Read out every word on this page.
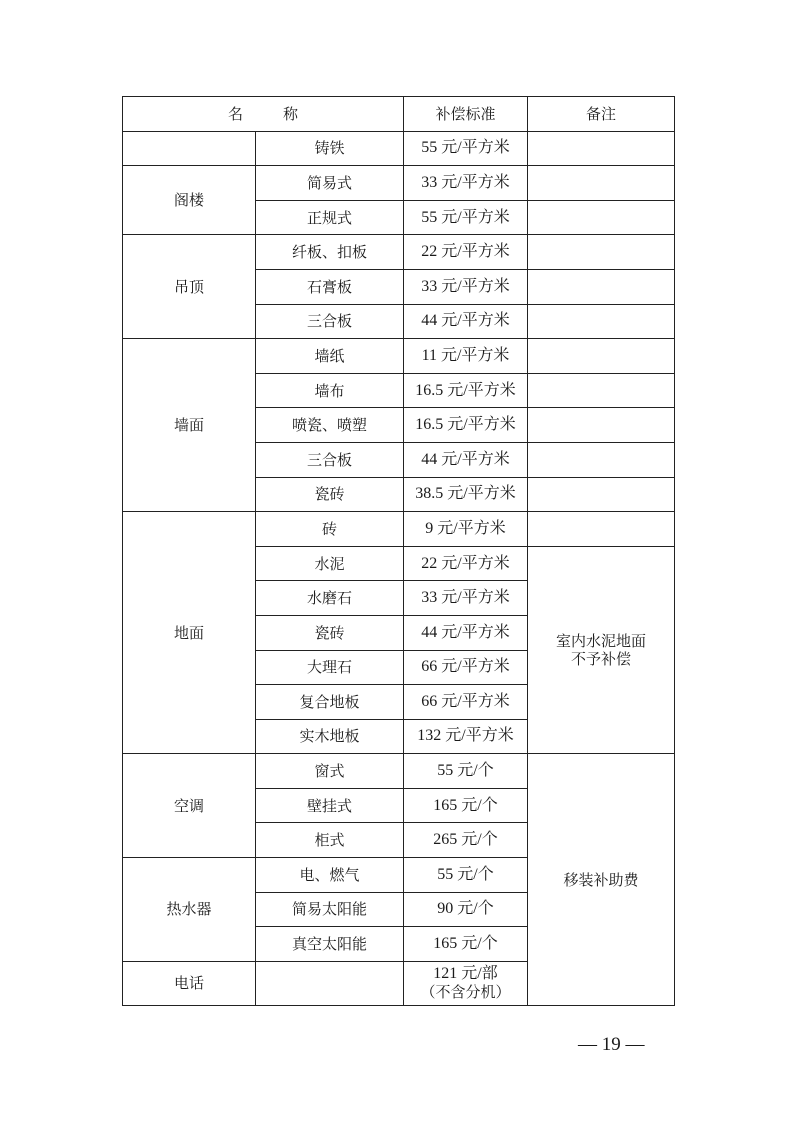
名 称		补偿标准	备注
	铸铁	55 元/平方米	
阁楼	简易式	33 元/平方米	
	正规式	55 元/平方米	
吊顶	纤板、扣板	22 元/平方米	
	石膏板	33 元/平方米	
	三合板	44 元/平方米	
墙面	墙纸	11 元/平方米	
	墙布	16.5 元/平方米	
	喷瓷、喷塑	16.5 元/平方米	
	三合板	44 元/平方米	
	瓷砖	38.5 元/平方米	
地面	砖	9 元/平方米	
	水泥	22 元/平方米	室内水泥地面
不予补偿

	水磨石	33 元/平方米	
	瓷砖	44 元/平方米	
	大理石	66 元/平方米	
	复合地板	66 元/平方米	
	实木地板	132 元/平方米	
空调	窗式	55 元/个	移装补助费
	壁挂式	165 元/个	
	柜式	265 元/个	
热水器	电、燃气	55 元/个	
	简易太阳能	90 元/个	
	真空太阳能	165 元/个	
电话		121 元/部
（不含分机）	
— 19 —
